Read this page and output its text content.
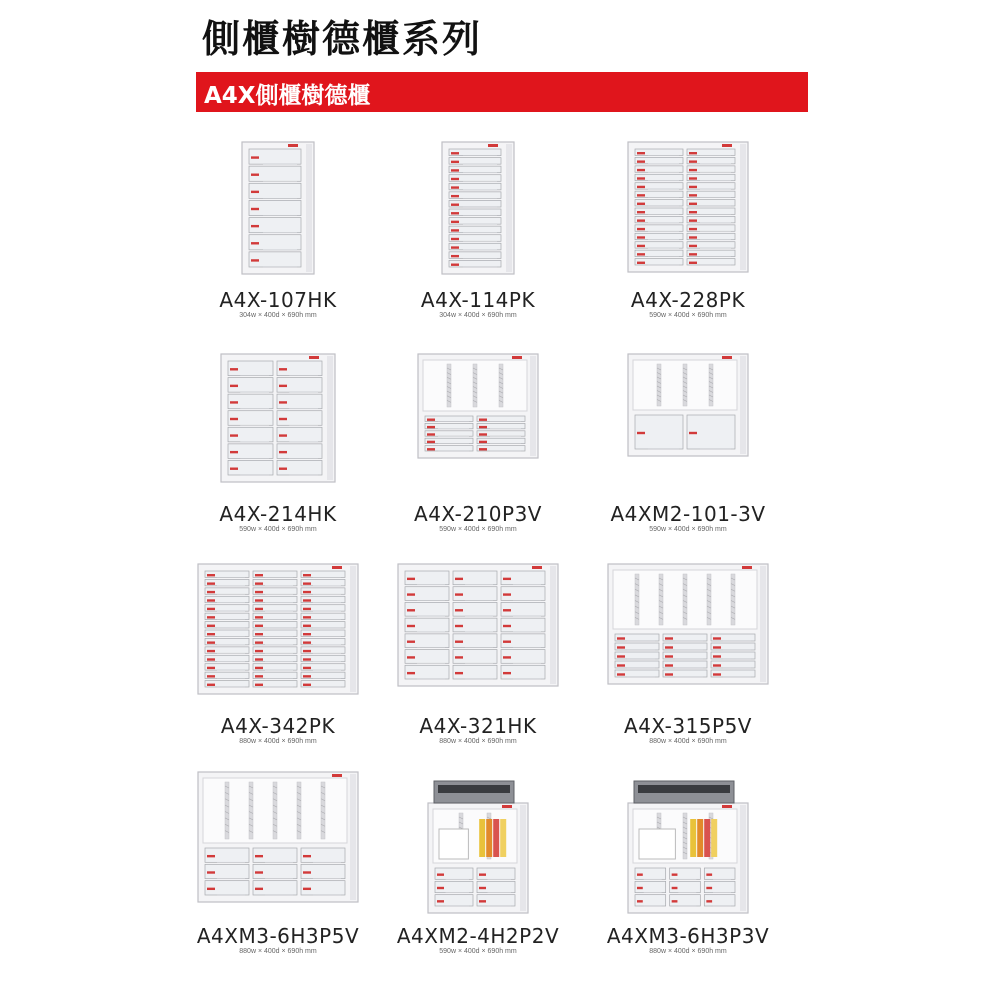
側櫃樹德櫃系列
A4X側櫃樹德櫃
A4X-107HK
304w × 400d × 690h mm
A4X-114PK
304w × 400d × 690h mm
A4X-228PK
590w × 400d × 690h mm
A4X-214HK
590w × 400d × 690h mm
A4X-210P3V
590w × 400d × 690h mm
A4XM2-101-3V
590w × 400d × 690h mm
A4X-342PK
880w × 400d × 690h mm
A4X-321HK
880w × 400d × 690h mm
A4X-315P5V
880w × 400d × 690h mm
A4XM3-6H3P5V
880w × 400d × 690h mm
A4XM2-4H2P2V
590w × 400d × 690h mm
A4XM3-6H3P3V
880w × 400d × 690h mm
